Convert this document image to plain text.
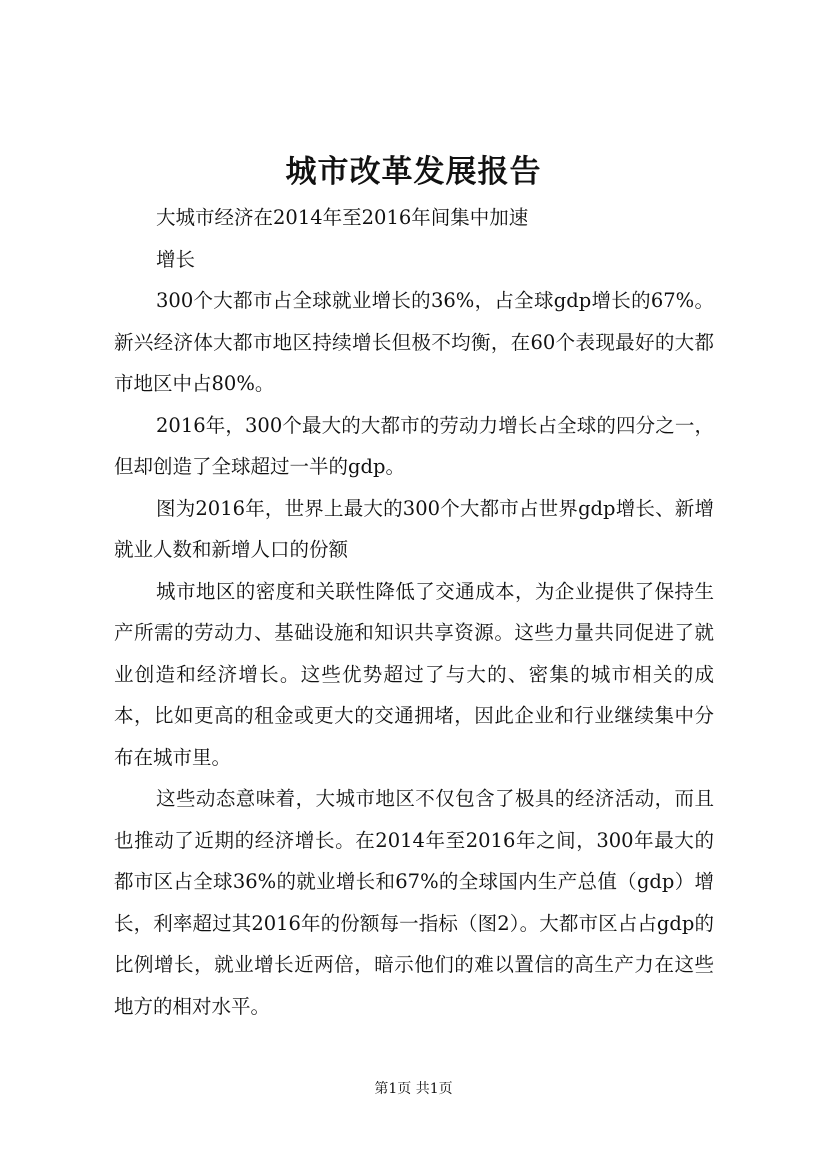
城市改革发展报告

大城市经济在2014年至2016年间集中加速

增长

300个大都市占全球就业增长的36%，占全球gdp增长的67%。新兴经济体大都市地区持续增长但极不均衡，在60个表现最好的大都市地区中占80%。

2016年，300个最大的大都市的劳动力增长占全球的四分之一，但却创造了全球超过一半的gdp。

图为2016年，世界上最大的300个大都市占世界gdp增长、新增就业人数和新增人口的份额

城市地区的密度和关联性降低了交通成本，为企业提供了保持生产所需的劳动力、基础设施和知识共享资源。这些力量共同促进了就业创造和经济增长。这些优势超过了与大的、密集的城市相关的成本，比如更高的租金或更大的交通拥堵，因此企业和行业继续集中分布在城市里。

这些动态意味着，大城市地区不仅包含了极具的经济活动，而且也推动了近期的经济增长。在2014年至2016年之间，300年最大的都市区占全球36%的就业增长和67%的全球国内生产总值（gdp）增长，利率超过其2016年的份额每一指标（图2）。大都市区占占gdp的比例增长，就业增长近两倍，暗示他们的难以置信的高生产力在这些地方的相对水平。

第1页 共1页
